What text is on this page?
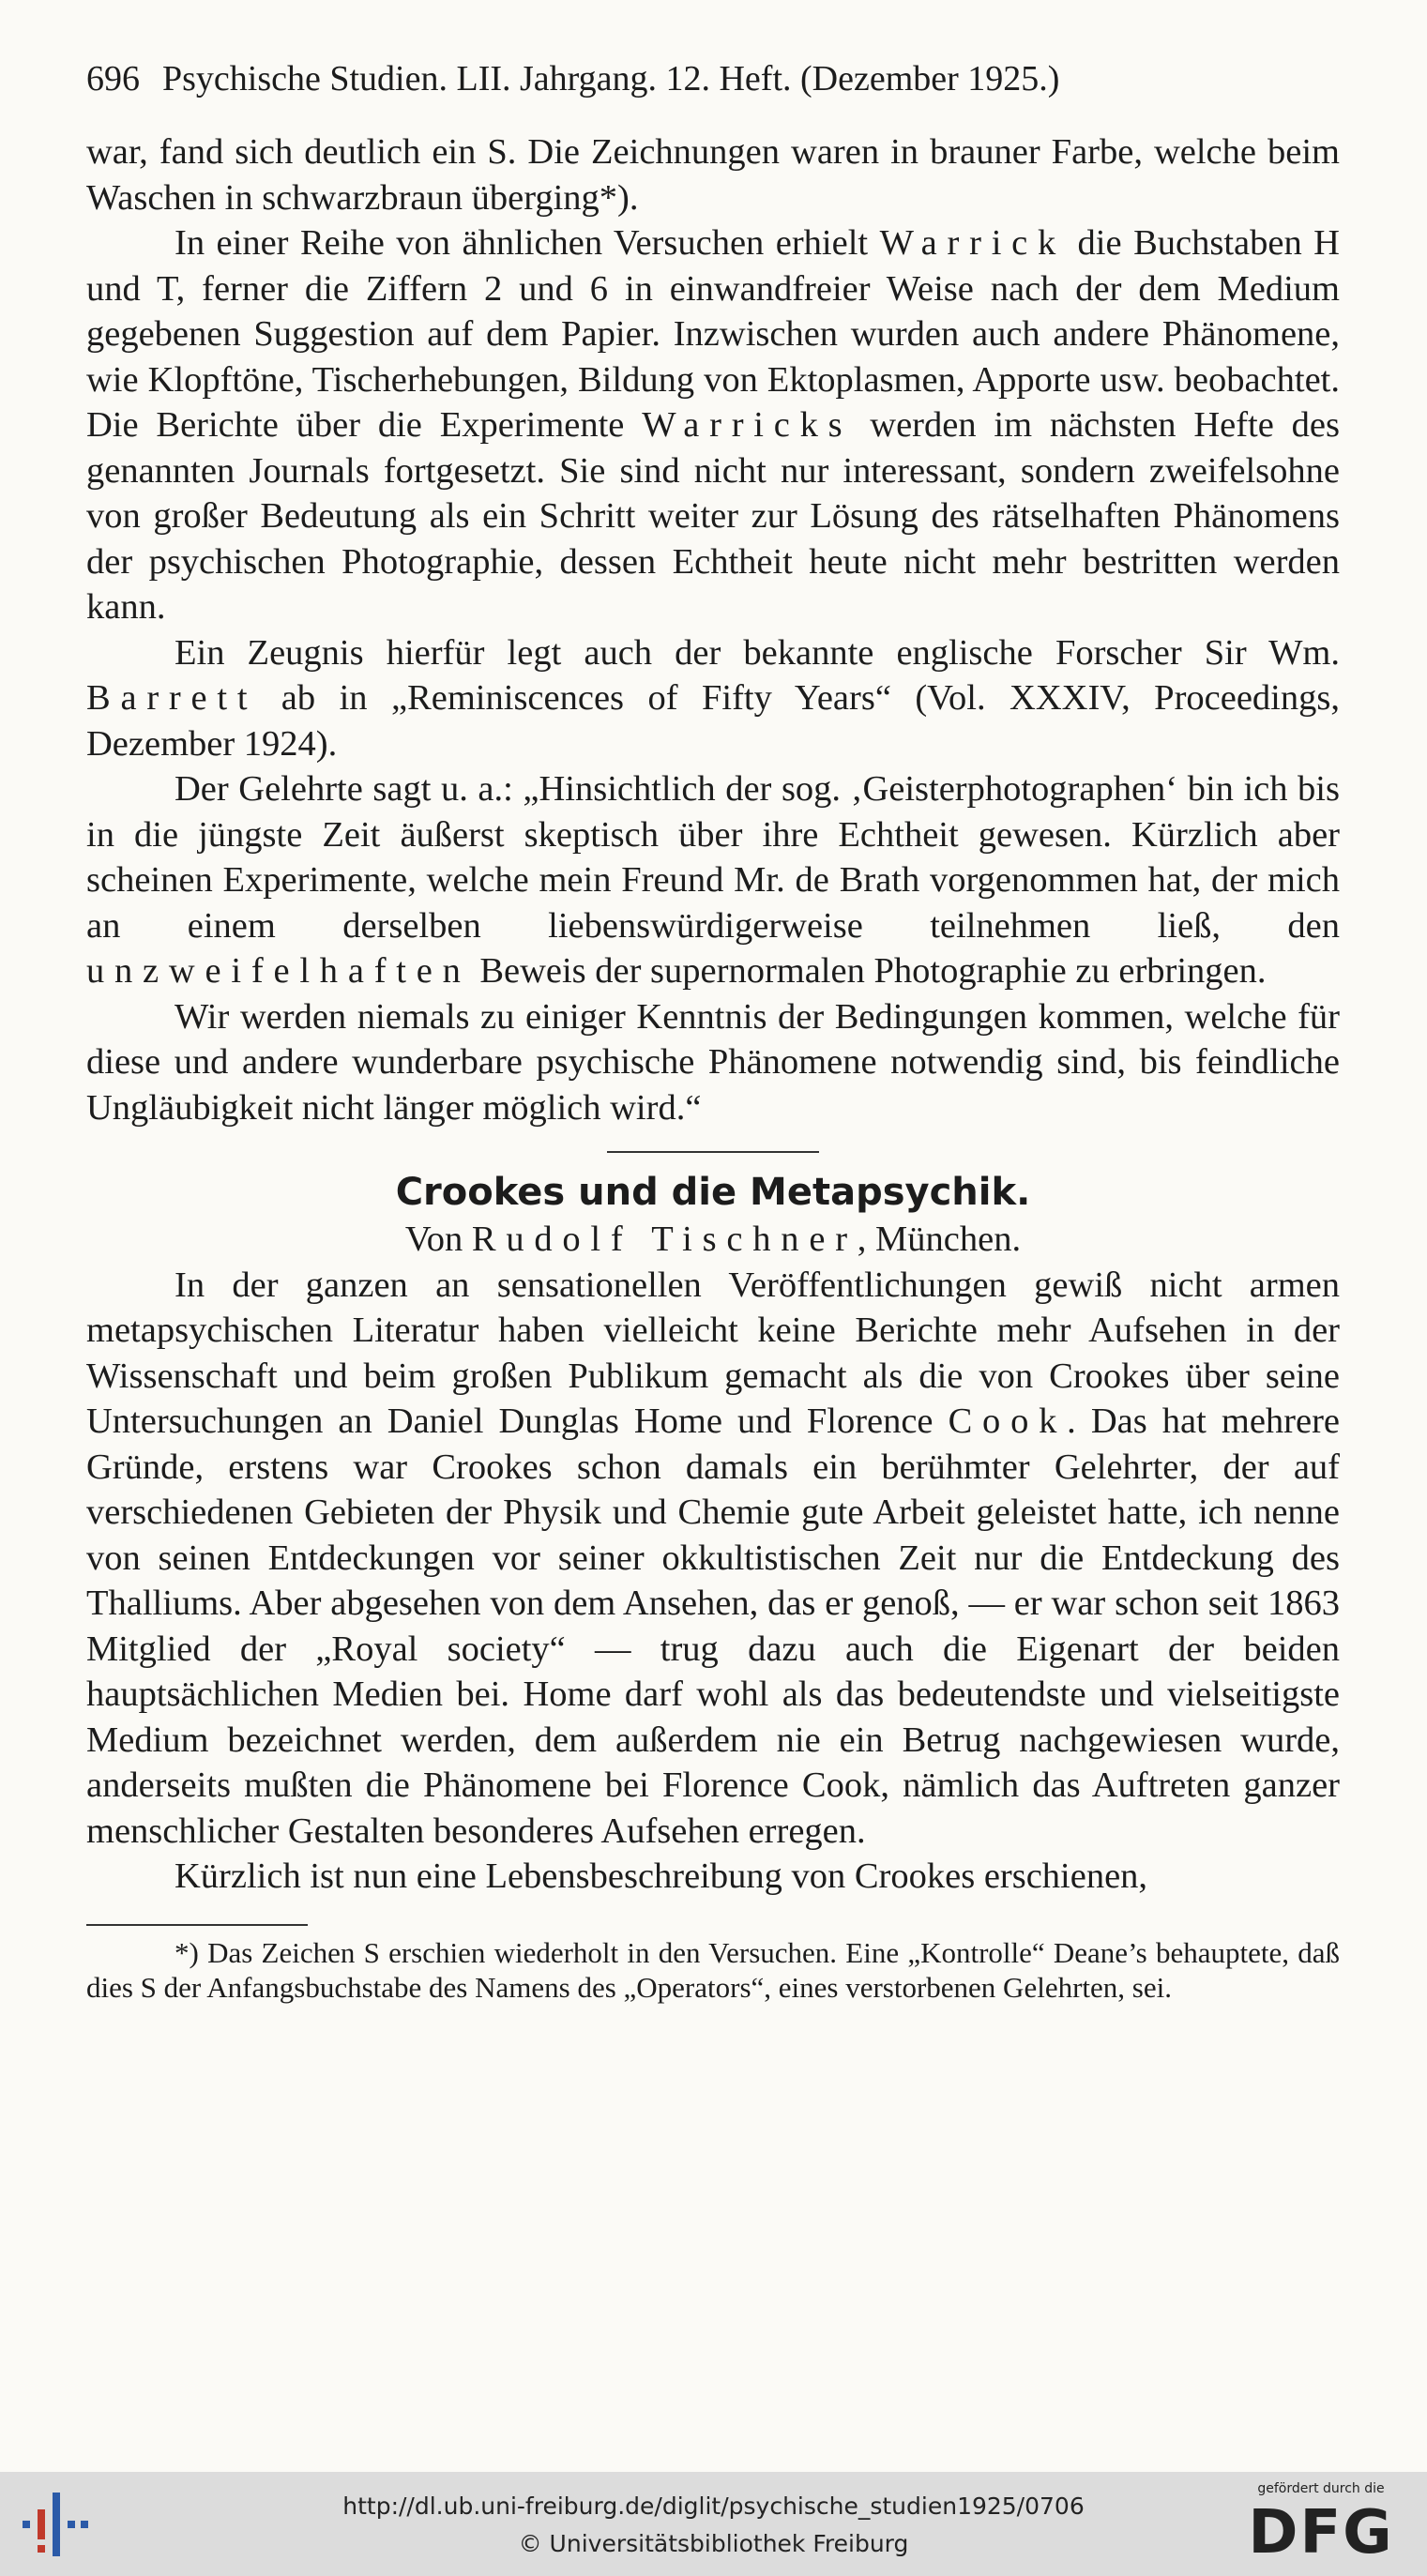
696 Psychische Studien. LII. Jahrgang. 12. Heft. (Dezember 1925.)

war, fand sich deutlich ein S. Die Zeichnungen waren in brauner Farbe, welche beim Waschen in schwarzbraun überging*).

In einer Reihe von ähnlichen Versuchen erhielt Warrick die Buchstaben H und T, ferner die Ziffern 2 und 6 in einwandfreier Weise nach der dem Medium gegebenen Suggestion auf dem Papier. Inzwischen wurden auch andere Phänomene, wie Klopftöne, Tischerhebungen, Bildung von Ektoplasmen, Apporte usw. beobachtet. Die Berichte über die Experimente Warricks werden im nächsten Hefte des genannten Journals fortgesetzt. Sie sind nicht nur interessant, sondern zweifelsohne von großer Bedeutung als ein Schritt weiter zur Lösung des rätselhaften Phänomens der psychischen Photographie, dessen Echtheit heute nicht mehr bestritten werden kann.

Ein Zeugnis hierfür legt auch der bekannte englische Forscher Sir Wm. Barrett ab in „Reminiscences of Fifty Years“ (Vol. XXXIV, Proceedings, Dezember 1924).

Der Gelehrte sagt u. a.: „Hinsichtlich der sog. ‚Geisterphotographen‘ bin ich bis in die jüngste Zeit äußerst skeptisch über ihre Echtheit gewesen. Kürzlich aber scheinen Experimente, welche mein Freund Mr. de Brath vorgenommen hat, der mich an einem derselben liebenswürdigerweise teilnehmen ließ, den unzweifelhaften Beweis der supernormalen Photographie zu erbringen.

Wir werden niemals zu einiger Kenntnis der Bedingungen kommen, welche für diese und andere wunderbare psychische Phänomene notwendig sind, bis feindliche Ungläubigkeit nicht länger möglich wird.“

Crookes und die Metapsychik.

Von Rudolf Tischner, München.

In der ganzen an sensationellen Veröffentlichungen gewiß nicht armen metapsychischen Literatur haben vielleicht keine Berichte mehr Aufsehen in der Wissenschaft und beim großen Publikum gemacht als die von Crookes über seine Untersuchungen an Daniel Dunglas Home und Florence Cook. Das hat mehrere Gründe, erstens war Crookes schon damals ein berühmter Gelehrter, der auf verschiedenen Gebieten der Physik und Chemie gute Arbeit geleistet hatte, ich nenne von seinen Entdeckungen vor seiner okkultistischen Zeit nur die Entdeckung des Thalliums. Aber abgesehen von dem Ansehen, das er genoß, — er war schon seit 1863 Mitglied der „Royal society“ — trug dazu auch die Eigenart der beiden hauptsächlichen Medien bei. Home darf wohl als das bedeutendste und vielseitigste Medium bezeichnet werden, dem außerdem nie ein Betrug nachgewiesen wurde, anderseits mußten die Phänomene bei Florence Cook, nämlich das Auftreten ganzer menschlicher Gestalten besonderes Aufsehen erregen.

Kürzlich ist nun eine Lebensbeschreibung von Crookes erschienen,

*) Das Zeichen S erschien wiederholt in den Versuchen. Eine „Kontrolle“ Deane’s behauptete, daß dies S der Anfangsbuchstabe des Namens des „Operators“, eines verstorbenen Gelehrten, sei.

http://dl.ub.uni-freiburg.de/diglit/psychische_studien1925/0706
© Universitätsbibliothek Freiburg
gefördert durch die
DFG
